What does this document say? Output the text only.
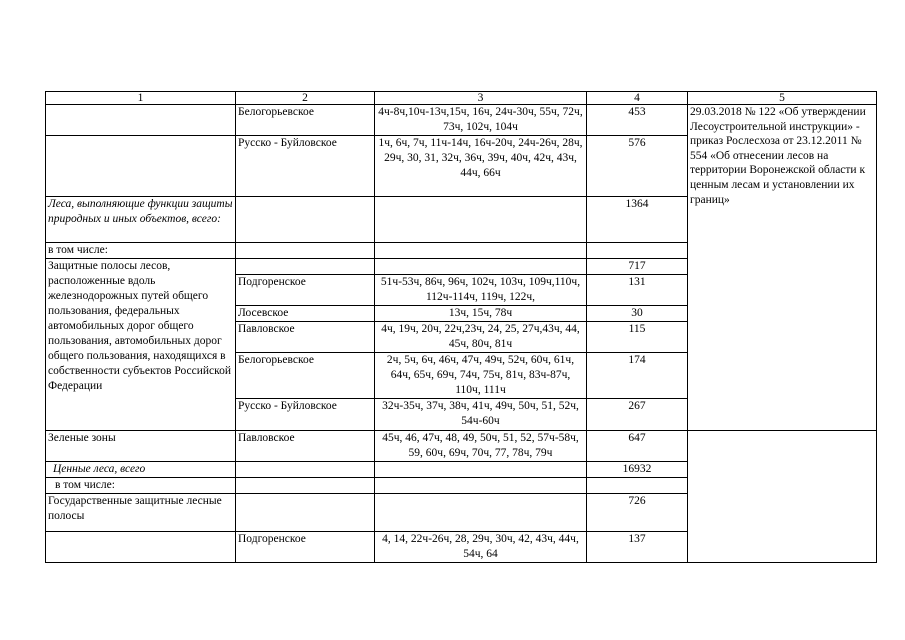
1	2	3	4	5
	Белогорьевское	4ч-8ч,10ч-13ч,15ч, 16ч, 24ч-30ч, 55ч, 72ч, 73ч, 102ч, 104ч	453	29.03.2018 № 122 «Об утверждении Лесоустроительной инструкции» - приказ Рослесхоза от 23.12.2011 № 554 «Об отнесении лесов на территории Воронежской области к ценным лесам и установлении их границ»
	Русско - Буйловское	1ч, 6ч, 7ч, 11ч-14ч, 16ч-20ч, 24ч-26ч, 28ч, 29ч, 30, 31, 32ч, 36ч, 39ч, 40ч, 42ч, 43ч, 44ч, 66ч	576	
Леса, выполняющие функции защиты природных и иных объектов, всего:			1364	
в том числе:				
Защитные полосы лесов, расположенные вдоль железнодорожных путей общего пользования, федеральных автомобильных дорог общего пользования, автомобильных дорог общего пользования, находящихся в собственности субъектов Российской Федерации			717	
	Подгоренское	51ч-53ч, 86ч, 96ч, 102ч, 103ч, 109ч,110ч, 112ч-114ч, 119ч, 122ч,	131	
	Лосевское	13ч, 15ч, 78ч	30	
	Павловское	4ч, 19ч, 20ч, 22ч,23ч, 24, 25, 27ч,43ч, 44, 45ч, 80ч, 81ч	115	
	Белогорьевское	2ч, 5ч, 6ч, 46ч, 47ч, 49ч, 52ч, 60ч, 61ч, 64ч, 65ч, 69ч, 74ч, 75ч, 81ч, 83ч-87ч, 110ч, 111ч	174	
	Русско - Буйловское	32ч-35ч, 37ч, 38ч, 41ч, 49ч, 50ч, 51, 52ч, 54ч-60ч	267	
Зеленые зоны	Павловское	45ч, 46, 47ч, 48, 49, 50ч, 51, 52, 57ч-58ч, 59, 60ч, 69ч, 70ч, 77, 78ч, 79ч	647	
Ценные леса, всего			16932	
в том числе:				
Государственные защитные лесные полосы			726	
	Подгоренское	4, 14, 22ч-26ч, 28, 29ч, 30ч, 42, 43ч, 44ч, 54ч, 64	137	
